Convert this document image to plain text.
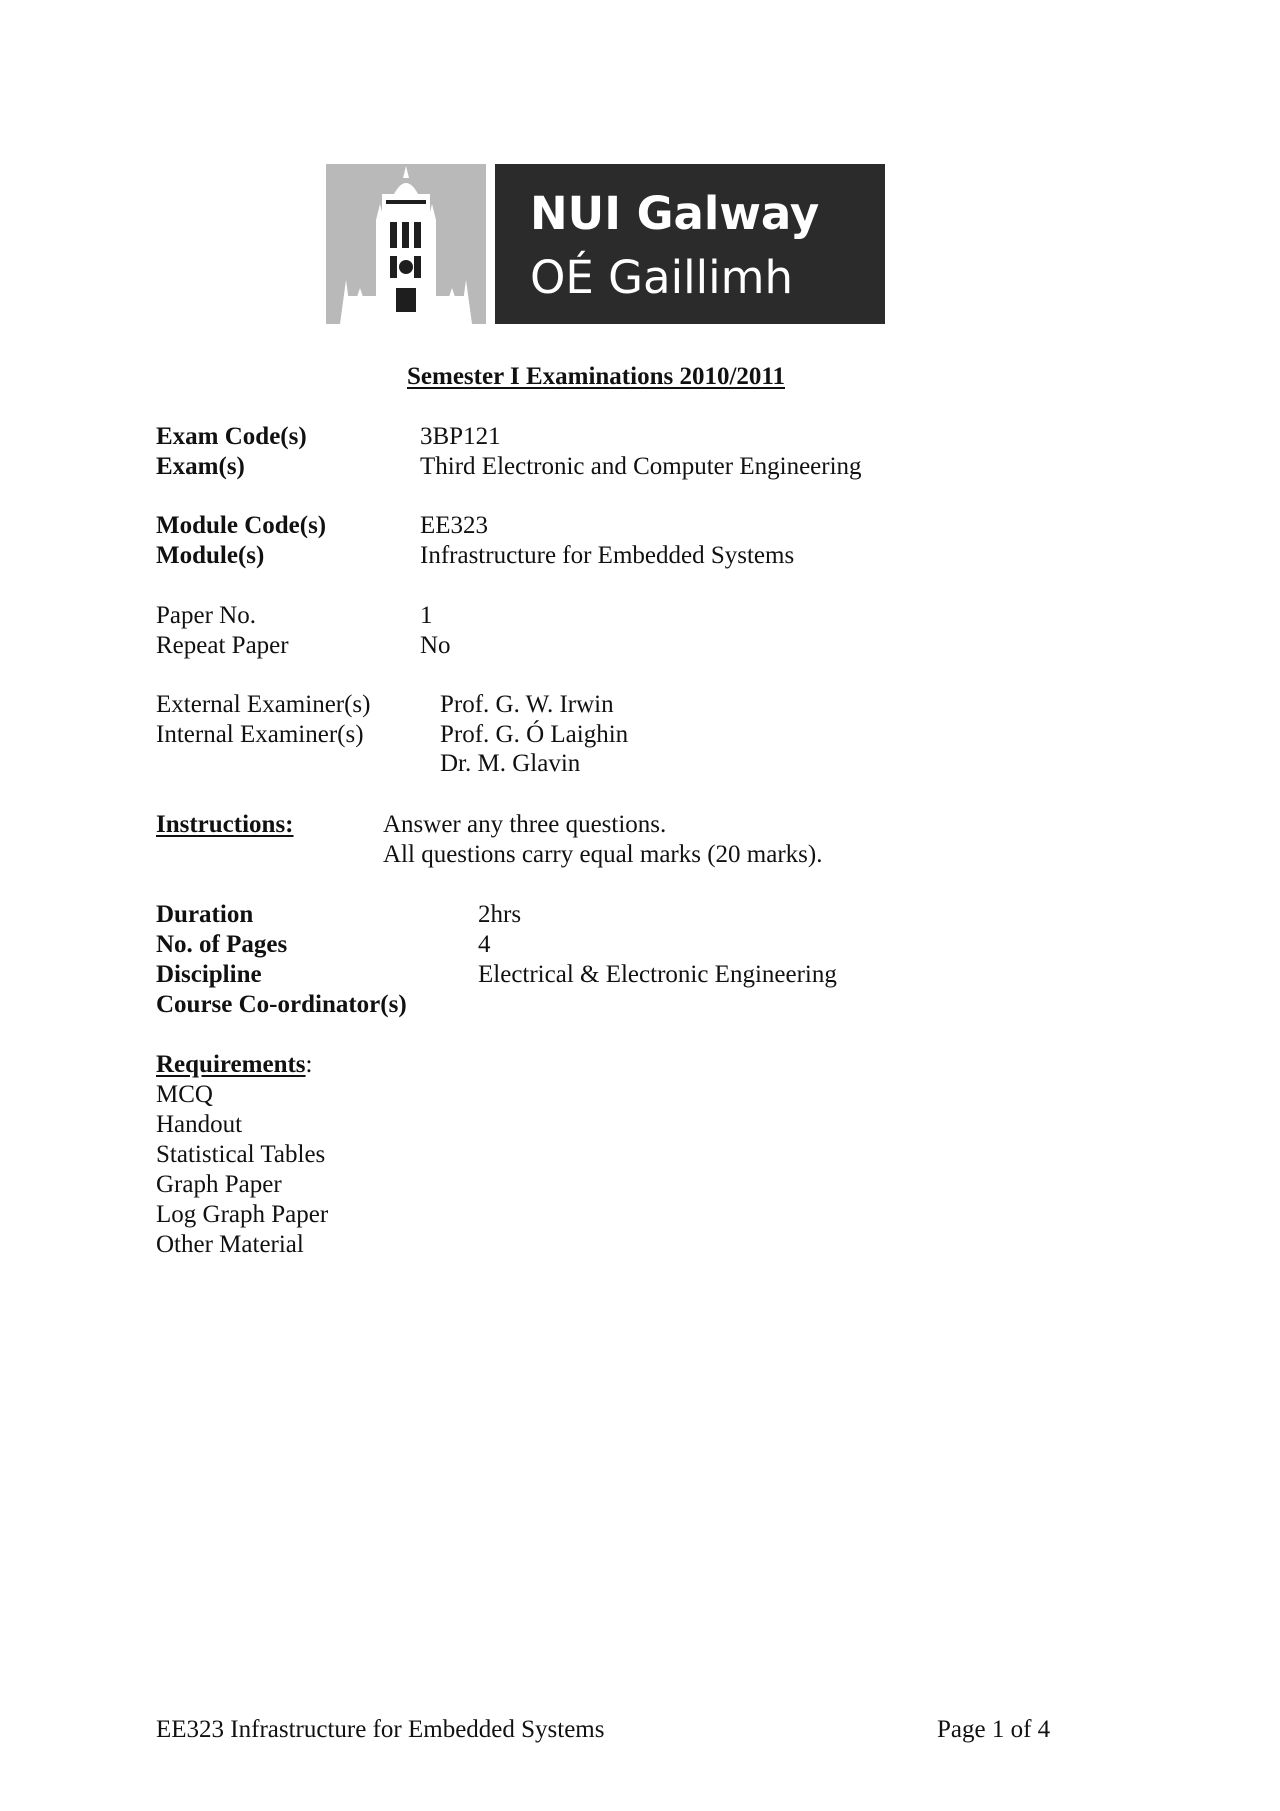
NUI Galway
OÉ Gaillimh
Semester I Examinations 2010/2011
Exam Code(s)	3BP121
Exam(s)	Third Electronic and Computer Engineering
Module Code(s)	EE323
Module(s)	Infrastructure for Embedded Systems
Paper No.	1
Repeat Paper	No
External Examiner(s)	Prof. G. W. Irwin
Internal Examiner(s)	Prof. G. Ó Laighin
Dr. M. Glavin
Instructions:	Answer any three questions.
All questions carry equal marks (20 marks).
Duration	2hrs
No. of Pages	4
Discipline	Electrical & Electronic Engineering
Course Co-ordinator(s)
Requirements:
MCQ
Handout
Statistical Tables
Graph Paper
Log Graph Paper
Other Material
EE323 Infrastructure for Embedded Systems	Page 1 of 4
